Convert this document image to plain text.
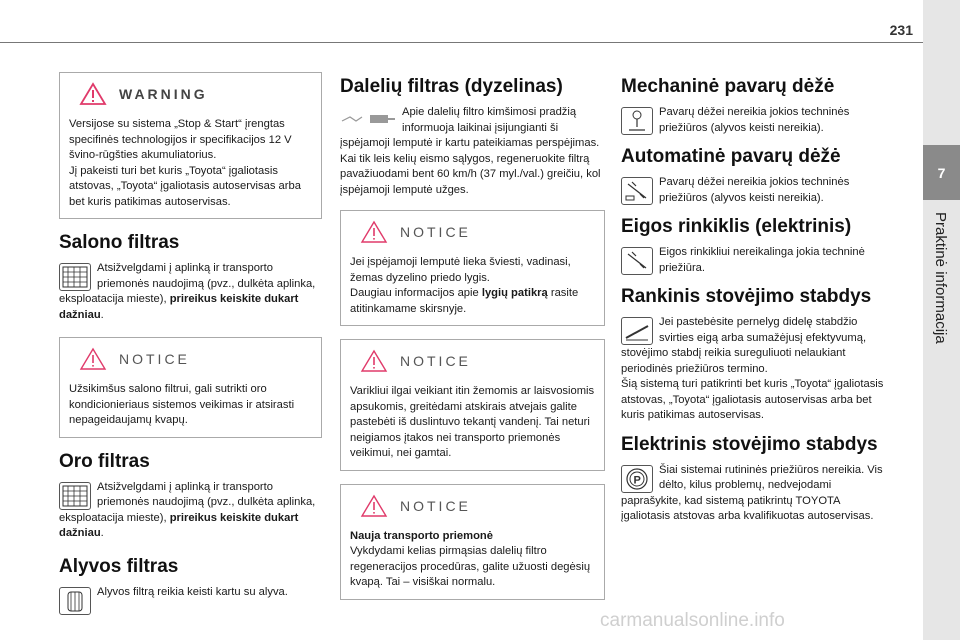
231
7
Praktinė informacija
WARNING
Versijose su sistema „Stop & Start“ įrengtas specifinės technologijos ir specifikacijos 12 V švino-rūgšties akumuliatorius.
Jį pakeisti turi bet kuris „Toyota“ įgaliotasis atstovas, „Toyota“ įgaliotasis autoservisas arba bet kuris patikimas autoservisas.
Salono filtras
Atsižvelgdami į aplinką ir transporto priemonės naudojimą (pvz., dulkėta aplinka, eksploatacija mieste), prireikus keiskite dukart dažniau.
NOTICE
Užsikimšus salono filtrui, gali sutrikti oro kondicionieriaus sistemos veikimas ir atsirasti nepageidaujamų kvapų.
Oro filtras
Atsižvelgdami į aplinką ir transporto priemonės naudojimą (pvz., dulkėta aplinka, eksploatacija mieste), prireikus keiskite dukart dažniau.
Alyvos filtras
Alyvos filtrą reikia keisti kartu su alyva.
Dalelių filtras (dyzelinas)
Apie dalelių filtro kimšimosi pradžią informuoja laikinai įsijungianti ši įspėjamoji lemputė ir kartu pateikiamas perspėjimas.
Kai tik leis kelių eismo sąlygos, regeneruokite filtrą pavažiuodami bent 60 km/h (37 myl./val.) greičiu, kol įspėjamoji lemputė užges.
NOTICE
Jei įspėjamoji lemputė lieka šviesti, vadinasi, žemas dyzelino priedo lygis.
Daugiau informacijos apie lygių patikrą rasite atitinkamame skirsnyje.
NOTICE
Varikliui ilgai veikiant itin žemomis ar laisvosiomis apsukomis, greitėdami atskirais atvejais galite pastebėti iš duslintuvo tekantį vandenį. Tai neturi neigiamos įtakos nei transporto priemonės veikimui, nei gamtai.
NOTICE
Nauja transporto priemonė
Vykdydami kelias pirmąsias dalelių filtro regeneracijos procedūras, galite užuosti degėsių kvapą. Tai – visiškai normalu.
Mechaninė pavarų dėžė
Pavarų dėžei nereikia jokios techninės priežiūros (alyvos keisti nereikia).
Automatinė pavarų dėžė
Pavarų dėžei nereikia jokios techninės priežiūros (alyvos keisti nereikia).
Eigos rinkiklis (elektrinis)
Eigos rinkikliui nereikalinga jokia techninė priežiūra.
Rankinis stovėjimo stabdys
Jei pastebėsite pernelyg didelę stabdžio svirties eigą arba sumažėjusį efektyvumą, stovėjimo stabdį reikia sureguliuoti nelaukiant periodinės priežiūros termino.
Šią sistemą turi patikrinti bet kuris „Toyota“ įgaliotasis atstovas, „Toyota“ įgaliotasis autoservisas arba bet kuris patikimas autoservisas.
Elektrinis stovėjimo stabdys
P
Šiai sistemai rutininės priežiūros nereikia. Vis dėlto, kilus problemų, nedvejodami paprašykite, kad sistemą patikrintų TOYOTA įgaliotasis atstovas arba kvalifikuotas autoservisas.
carmanualsonline.info
